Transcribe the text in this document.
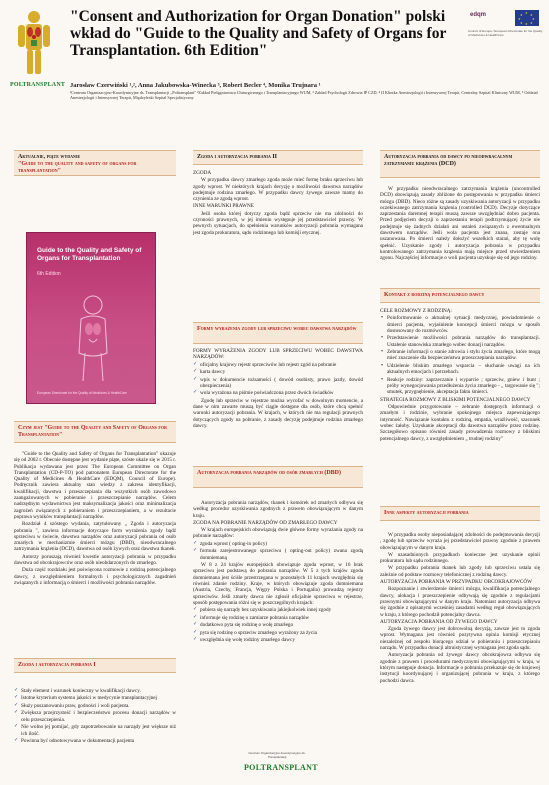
POLTRANSPLANT
"Consent and Authorization for Organ Donation" polski wkład do "Guide to the Quality and Safety of Organs for Transplantation. 6th Edition"
edqm	★ ★
★
★
★
★
★
★
Council of Europe / European Directorate for the Quality of Medicines & HealthCare
Jarosław Czerwiński ¹,², Anna Jakubowska-Winecka ³, Robert Becler ⁴, Monika Trujnara ¹
¹Centrum Organizacyjno-Koordynacyjne ds. Transplantacji „Poltransplant" ²Zakład Pielęgniarstwa Chirurgicznego i Transplantacyjnego WUM, ³ Zakład Psychologii Zdrowia IP CZD, ⁴ II Klinika Anestezjologii i Intensywnej Terapii, Centralny Szpital Kliniczny WUM, ⁵ Oddział Anestezjologii i Intensywnej Terapii, Międzyleski Szpital Specjalistyczny
Aktualnie, piąte wydanie
"Guide to the quality and safety of organs for transplantation"
Guide to the Quality and Safety of Organs for Transplantation
6th Edition
European Directorate for the Quality of Medicines & HealthCare
Czym jest "Guide to the Quality and Safety of Organs for Transplantation"

"Guide to the Quality and Safety of Organs for Transplantation" ukazuje się od 2002 r. Obecnie dostępne jest wydanie piąte, szóste ukaże się w 2015 r. Publikacja wydawana jest przez The European Committee on Organ Transplantation (CD-P-TO) pod patronatem European Directorate for the Quality of Medicines & HealthCare (EDQM), Council of Europe). Podręcznik zawiera aktualny stan wiedzy z zakresu identyfikacji, kwalifikacji, dawstwa i przeszczepiania dla wszystkich osób zawodowo zaangażowanych w pobieranie i przeszczepianie narządów. Celem nadrzędnym wydawnictwa jest maksymalizacja jakości oraz minimalizacja zagrożeń związanych z pobieraniem i przeszczepianiem, a w rezultacie poprawa wyników transplantacji narządów.

Rozdział 4 szóstego wydania, zatytułowany „ Zgoda i autoryzacja pobrania ", zawiera informacje dotyczące form wyrażenia zgody bądź sprzeciwu w świecie, dawstwa narządów oraz autoryzacji pobrania od osób zmarłych w mechanizmie śmierci mózgu (DBD), nieodwracalnego zatrzymania krążenia (DCD), dawstwa od osób żywych oraz dawstwa tkanek.

Autorzy poruszają również kwestie autoryzacji pobrania w przypadku dawstwa od obcokrajowców oraz osób nieobdarzonych do zmarłego.

Duża część rozdziału jest poświęcona rozmowie z rodziną potencjalnego dawcy, z uwzględnieniem formalnych i psychologicznych zagadnień związanych z informacją o śmierci i możliwości pobrania narządów.

Zgoda i autoryzacja pobrania I
✓ Stały element i warunek konieczny w kwalifikacji dawcy.
✓ Istotne kryterium systemu jakości w medycynie transplantacyjnej
✓ Służy poszanowaniu praw, godności i woli pacjenta.
✓ Zwiększa przejrzystość i bezpieczeństwo procesu donacji narządów w celu przeszczepienia.
✓ Nie wolno jej pomijać, gdy zapotrzebowanie na narządy jest większe niż ich ilość.
✓ Powinna być odnotowywana w dokumentacji pacjenta
Zgoda i autoryzacja pobrania II

ZGODA

W przypadku dawcy zmarłego zgoda może mieć formę braku sprzeciwu lub zgody wprost. W niektórych krajach decyzję o możliwości dawstwa narządów podejmuje rodzina zmarłego. W przypadku dawcy żywego zawsze mamy do czynienia ze zgodą wprost.

INNE WARUNKI PRAWNE

Jeśli osoba której dotyczy zgoda bądź sprzeciw nie ma zdolności do czynności prawnych, w jej imieniu występuje jej przedstawiciel prawny. W pewnych sytuacjach, do spełnienia warunków autoryzacji pobrania wymagana jest zgoda prokuratora, sądu rodzinnego lub komisji etycznej.

Formy wyrażenia zgody lub sprzeciwu wobec dawstwa narządów

FORMY WYRAŻENIA ZGODY LUB SPRZECIWU WOBEC DAWSTWA NARZĄDÓW:

✓ oficjalny krajowy rejestr sprzeciwów lub rejestr zgód na pobranie
✓ karta dawcy
✓ wpis w dokumencie tożsamości ( dowód osobisty, prawo jazdy, dowód ubezpieczenia)
✓ wola wyrażona na piśmie poświadczona przez dwóch świadków

Zgodę lub sprzeciw w rejestrze można wycofać w dowolnym momencie, a dane w nim zawarte muszą być ciągle dostępne dla osób, które chcą spełnić warunki autoryzacji pobrania. W krajach, w których nie ma regulacji prawnych dotyczących zgody na pobranie, z zasady decyzję podejmuje rodzina zmarłego dawcy.

Autoryzacja pobrania narządów od osób zmarłych (DBD)

Autoryzacja pobrania narządów, tkanek i komórek od zmarłych odbywa się według procedur uzyskiwania zgodnych z prawem obowiązującym w danym kraju.

ZGODA NA POBRANIE NARZĄDÓW OD ZMARŁEGO DAWCY

W krajach europejskich obowiązują dwie główne formy wyrażania zgody na pobranie narządów:

✓ zgoda wprost ( opting-in policy)
✓ formuła zarejestrowanego sprzeciwu ( opting-out policy) zwana zgodą domniemaną

W 8 z 24 krajów europejskich obowiązuje zgoda wprost, w 16 brak sprzeciwu jest podstawą do pobrania narządów. W 5 z tych krajów zgoda domniemana jest ściśle przestrzegana w pozostałych 11 krajach uwzględnia się również zdanie rodziny. Kraje, w których obowiązuje zgoda domniemana (Austria, Czechy, Francja, Węgry Polska i Portugalia) prowadzą rejestry sprzeciwów. Jeśli zmarły dawca nie zgłosił oficjalnie sprzeciwu w rejestrze, sposób postępowania różni się w poszczególnych krajach:

✓ pobiera się narządy bez uzyskiwania jakiejkolwiek innej zgody
✓ informuje się rodzinę o zamiarze pobrania narządów
✓ dodatkowo pyta się rodzinę o wolę zmarłego
✓ pyta się rodzinę o sprzeciw zmarłego wyrażony za życia
✓ uwzględnia się wolę rodziny zmarłego dawcy
Autoryzacja pobrania od dawcy po nieodwracalnym zatrzymaniu krążenia (DCD)

W przypadku nieodwracalnego zatrzymania krążenia (uncontrolled DCD) obowiązują zasady zbliżone do postępowania w przypadku śmierci mózgu (DBD). Nieco różne są zasady uzyskiwania autoryzacji w przypadku oczekiwanego zatrzymania krążenia (controlled DCD). Decyzje dotyczące zaprzestania daremnej terapii muszą zawsze uwzględniać dobro pacjenta. Przed podjęciem decyzji o zaprzestaniu terapii podtrzymującej życie nie podejmuje się żadnych działań ani ustaleń związanych z ewentualnym dawstwem narządów. Jeśli wola pacjenta jest znana, zostaje ona uszanowana. Po śmierci należy dołożyć wszelkich starań, aby tę wolę spełnić. Uzyskanie zgody i autoryzacja pobrania w przypadku kontrolowanego zatrzymania krążenia mają miejsce przed stwierdzeniem zgonu. Najczęściej informacje o woli pacjenta uzyskuje się od jego rodziny.

Kontakt z rodziną potencjalnego dawcy

CELE ROZMOWY Z RODZINĄ:

• Poinformowanie o aktualnej sytuacji medycznej, powiadomienie o śmierci pacjenta, wyjaśnienie koncepcji śmierci mózgu w sposób dostosowany do rozmówców.
• Przedstawienie możliwości pobrania narządów do transplantacji. Ustalenie stanowiska zmarłego wobec donacji narządów.
• Zebranie informacji o stanie zdrowia i stylu życia zmarłego, które mogą mieć znaczenie dla bezpieczeństwa przeszczepiania narządów.
• Udzielenie bliskim zmarłego wsparcia – słuchanie uwagi na ich aktualnych emocjach i potrzebach.
• Reakcje rodziny: zaprzeczanie i wyparcie ; sprzeciw, gniew i bunt ; próby wynegocjowania przedłużenia życia zmarłego - „ targowanie się "; smutek, przygnębienie, akceptacja faktu śmierci.

STRATEGIA ROZMOWY Z BLISKIMI POTENCJALNEGO DAWCY

Odpowiednie przygotowanie – zebranie dostępnych informacji o zmarłym i rodzinie, wybranie spokojnego miejsca zapewniającego intymność. Nawiązanie kontaktu z rodziną, empatia, wrażliwość, szacunek wobec żałoby. Uzyskanie akceptacji dla dawstwa narządów przez rodzinę. Szczegółowo opisano również zasady prowadzenia rozmowy z bliskimi potencjalnego dawcy, z uwzględnieniem „ trudnej rodziny"

Inne aspekty autoryzacji pobrania

W przypadku osoby nieposiadającej zdolności do podejmowania decyzji , zgodę lub sprzeciw wyraża jej przedstawiciel prawny zgodnie z prawem obowiązującym w danym kraju.

W uzasadnionych przypadkach konieczne jest uzyskanie opinii prokuratora lub sądu rodzinnego.

W przypadku pobrania tkanek lub zgody lub sprzeciwu ustala się zależnie od podstaw rozmowy telefonicznej z rodziną dawcy.

AUTORYZACJA POBRANIA W PRZYPADKU OBCOKRAJOWCÓW

Rozpoznanie i stwierdzenie śmierci mózgu, kwalifikacja potencjalnego dawcy, alokacja i przeszczepienie odbywają się zgodnie z regulacjami prawnymi obowiązującymi w danym kraju. Natomiast autoryzacja odbywa się zgodnie z opisanymi wcześniej zasadami według reguł obowiązujących w kraju, z którego pochodził potencjalny dawca.

AUTORYZACJA POBRANIA OD ŻYWEGO DAWCY

Zgoda żywego dawcy jest dobrowolną decyzją, zawsze jest to zgoda wprost. Wymagana jest również pozytywna opinia komisji etycznej niezależnej od zespołu biorącego udział w pobieraniu i przeszczepianiu narządu. W przypadku donacji altruistycznej wymagana jest zgoda sądu.

Autoryzacja pobrania od żywego dawcy obcokrajowca odbywa się zgodnie z prawem i procedurami medycznymi obowiązującymi w kraju, w którym następuje donacja. Informacje o pobrania przekazuje się do krajowej instytucji koordynującej i organizującej pobrania w kraju, z którego pochodzi dawca.

Centrum Organizacyjno-Koordynacyjne ds. Transplantacji
POLTRANSPLANT
